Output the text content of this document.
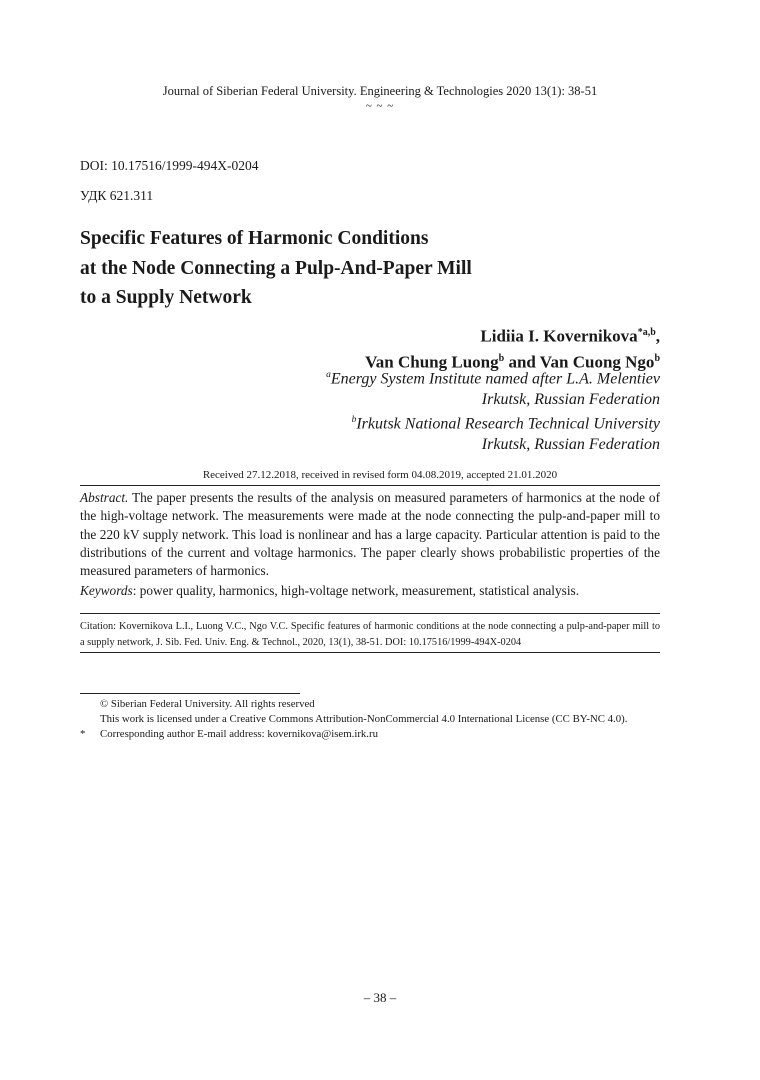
Journal of Siberian Federal University. Engineering & Technologies 2020 13(1): 38-51
~ ~ ~
DOI: 10.17516/1999-494X-0204
УДК 621.311
Specific Features of Harmonic Conditions
at the Node Connecting a Pulp-And-Paper Mill
to a Supply Network
Lidiia I. Kovernikova$^{*a,b}$,
Van Chung Luong$^b$ and Van Cuong Ngo$^b$
$^a$Energy System Institute named after L.A. Melentiev
Irkutsk, Russian Federation
$^b$Irkutsk National Research Technical University
Irkutsk, Russian Federation
Received 27.12.2018, received in revised form 04.08.2019, accepted 21.01.2020
Abstract. The paper presents the results of the analysis on measured parameters of harmonics at the node of the high-voltage network. The measurements were made at the node connecting the pulp-and-paper mill to the 220 kV supply network. This load is nonlinear and has a large capacity. Particular attention is paid to the distributions of the current and voltage harmonics. The paper clearly shows probabilistic properties of the measured parameters of harmonics.
Keywords: power quality, harmonics, high-voltage network, measurement, statistical analysis.
Citation: Kovernikova L.I., Luong V.C., Ngo V.C. Specific features of harmonic conditions at the node connecting a pulp-and-paper mill to a supply network, J. Sib. Fed. Univ. Eng. & Technol., 2020, 13(1), 38-51. DOI: 10.17516/1999-494X-0204
© Siberian Federal University. All rights reserved
This work is licensed under a Creative Commons Attribution-NonCommercial 4.0 International License (CC BY-NC 4.0).
* Corresponding author E-mail address: kovernikova@isem.irk.ru
– 38 –
